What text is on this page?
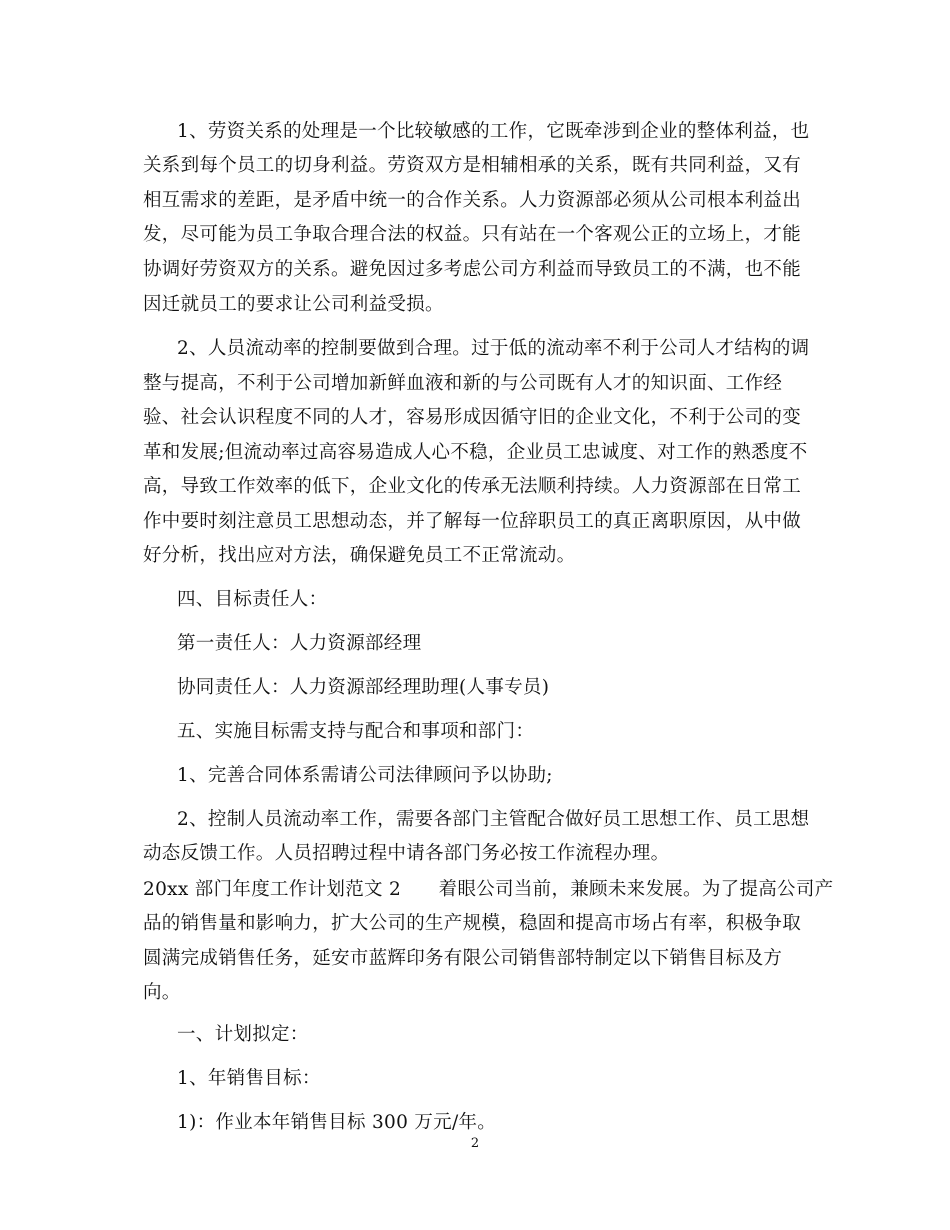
1、劳资关系的处理是一个比较敏感的工作，它既牵涉到企业的整体利益，也
关系到每个员工的切身利益。劳资双方是相辅相承的关系，既有共同利益，又有
相互需求的差距，是矛盾中统一的合作关系。人力资源部必须从公司根本利益出
发，尽可能为员工争取合理合法的权益。只有站在一个客观公正的立场上，才能
协调好劳资双方的关系。避免因过多考虑公司方利益而导致员工的不满，也不能
因迁就员工的要求让公司利益受损。
2、人员流动率的控制要做到合理。过于低的流动率不利于公司人才结构的调
整与提高，不利于公司增加新鲜血液和新的与公司既有人才的知识面、工作经
验、社会认识程度不同的人才，容易形成因循守旧的企业文化，不利于公司的变
革和发展;但流动率过高容易造成人心不稳，企业员工忠诚度、对工作的熟悉度不
高，导致工作效率的低下，企业文化的传承无法顺利持续。人力资源部在日常工
作中要时刻注意员工思想动态，并了解每一位辞职员工的真正离职原因，从中做
好分析，找出应对方法，确保避免员工不正常流动。
四、目标责任人：
第一责任人：人力资源部经理
协同责任人：人力资源部经理助理(人事专员)
五、实施目标需支持与配合和事项和部门：
1、完善合同体系需请公司法律顾问予以协助;
2、控制人员流动率工作，需要各部门主管配合做好员工思想工作、员工思想
动态反馈工作。人员招聘过程中请各部门务必按工作流程办理。
20xx 部门年度工作计划范文 2　　着眼公司当前，兼顾未来发展。为了提高公司产
品的销售量和影响力，扩大公司的生产规模，稳固和提高市场占有率，积极争取
圆满完成销售任务，延安市蓝辉印务有限公司销售部特制定以下销售目标及方
向。
一、计划拟定：
1、年销售目标：
1)：作业本年销售目标 300 万元/年。
2
